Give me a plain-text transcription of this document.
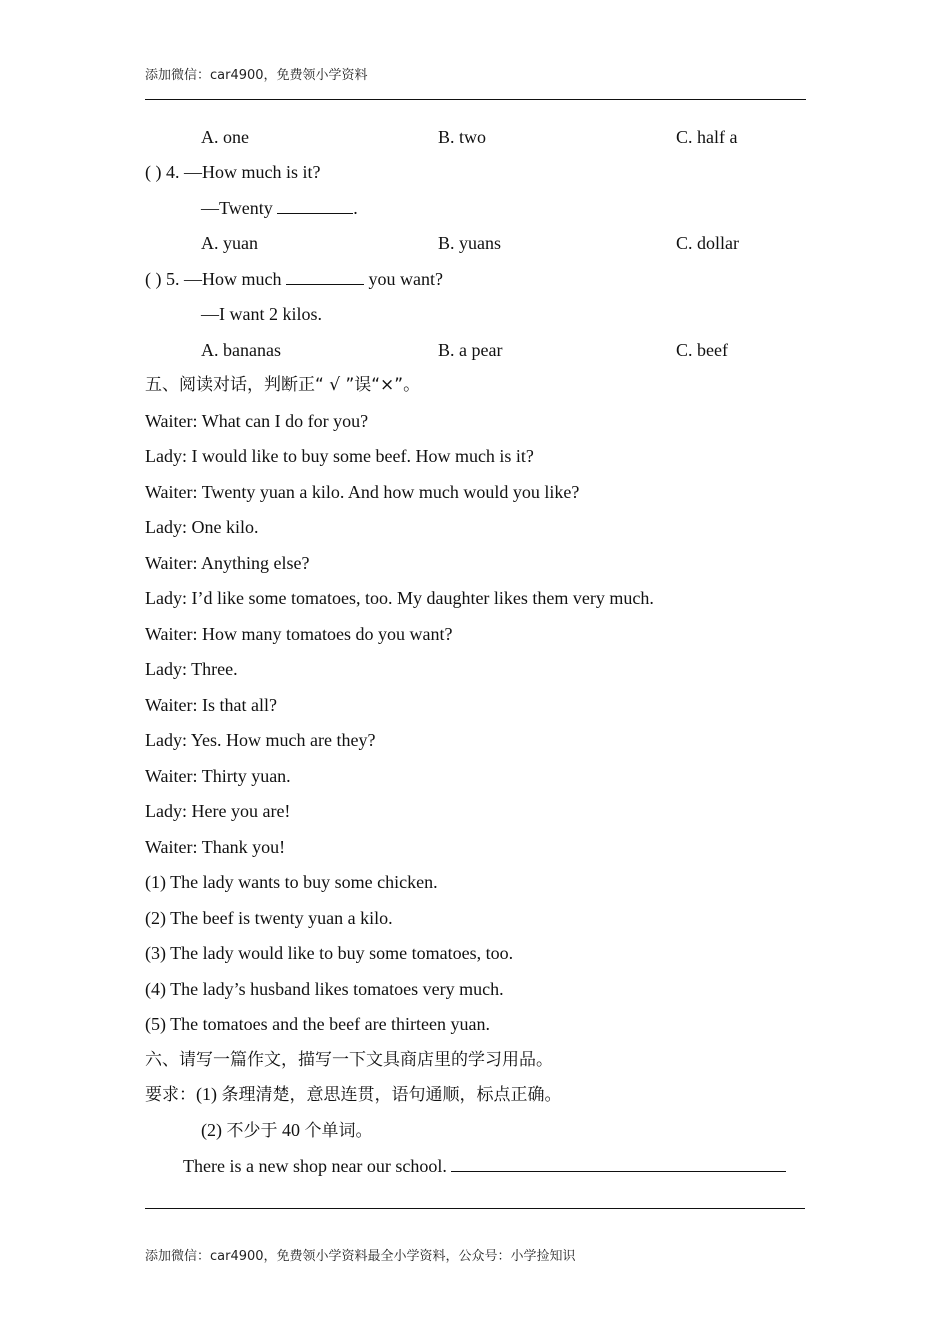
添加微信：car4900，免费领小学资料
A. one	B. two	C. half a
( ) 4. —How much is it?
—Twenty	.
A. yuan	B. yuans	C. dollar
( ) 5. —How much	you want?
—I want 2 kilos.
A. bananas	B. a pear	C. beef
五、阅读对话，判断正“ √ ”误“×”。
Waiter: What can I do for you?
Lady: I would like to buy some beef. How much is it?
Waiter: Twenty yuan a kilo. And how much would you like?
Lady: One kilo.
Waiter: Anything else?
Lady: I’d like some tomatoes, too. My daughter likes them very much.
Waiter: How many tomatoes do you want?
Lady: Three.
Waiter: Is that all?
Lady: Yes. How much are they?
Waiter: Thirty yuan.
Lady: Here you are!
Waiter: Thank you!
(1) The lady wants to buy some chicken.
(2) The beef is twenty yuan a kilo.
(3) The lady would like to buy some tomatoes, too.
(4) The lady’s husband likes tomatoes very much.
(5) The tomatoes and the beef are thirteen yuan.
六、请写一篇作文，描写一下文具商店里的学习用品。
要求：(1) 条理清楚，意思连贯，语句通顺，标点正确。
(2) 不少于 40 个单词。
There is a new shop near our school.
添加微信：car4900，免费领小学资料最全小学资料，公众号：小学捡知识
